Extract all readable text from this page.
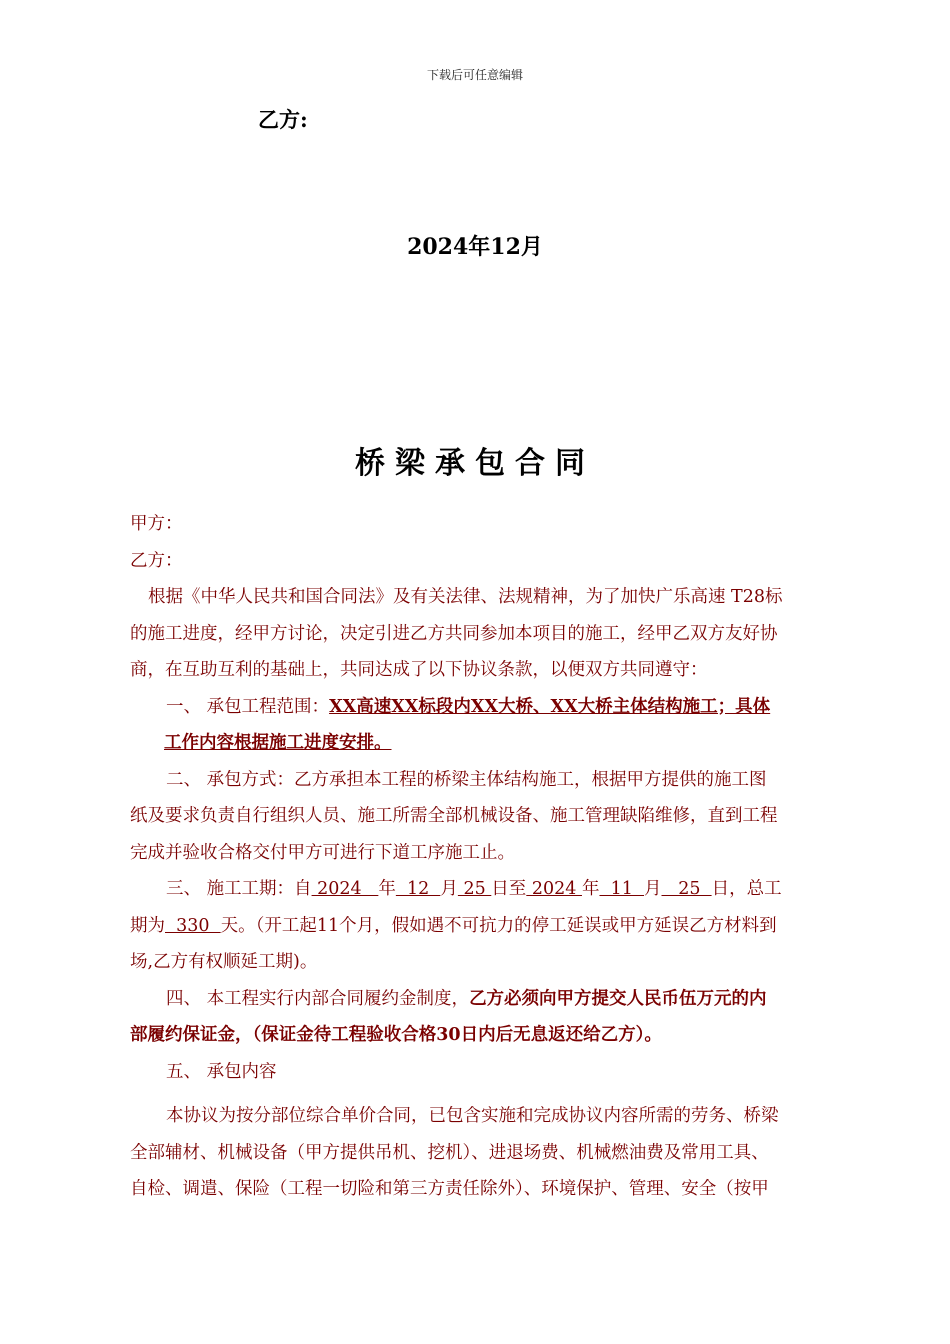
下载后可任意编辑
乙方:
2024年12月
桥梁承包合同

甲方：

乙方：

根据《中华人民共和国合同法》及有关法律、法规精神，为了加快广乐高速 T28标

的施工进度，经甲方讨论，决定引进乙方共同参加本项目的施工，经甲乙双方友好协

商，在互助互利的基础上，共同达成了以下协议条款，以便双方共同遵守：

一、 承包工程范围：XX高速XX标段内XX大桥、XX大桥主体结构施工；具体

工作内容根据施工进度安排。

二、 承包方式：乙方承担本工程的桥梁主体结构施工，根据甲方提供的施工图

纸及要求负责自行组织人员、施工所需全部机械设备、施工管理缺陷维修，直到工程

完成并验收合格交付甲方可进行下道工序施工止。

三、 施工工期：自 2024   年  12  月 25 日至 2024 年  11  月   25  日，总工

期为  330  天。（开工起11个月，假如遇不可抗力的停工延误或甲方延误乙方材料到

场,乙方有权顺延工期)。

四、 本工程实行内部合同履约金制度，乙方必须向甲方提交人民币伍万元的内

部履约保证金，（保证金待工程验收合格30日内后无息返还给乙方）。

五、 承包内容

本协议为按分部位综合单价合同，已包含实施和完成协议内容所需的劳务、桥梁

全部辅材、机械设备（甲方提供吊机、挖机）、进退场费、机械燃油费及常用工具、

自检、调遣、保险（工程一切险和第三方责任除外）、环境保护、管理、安全（按甲
